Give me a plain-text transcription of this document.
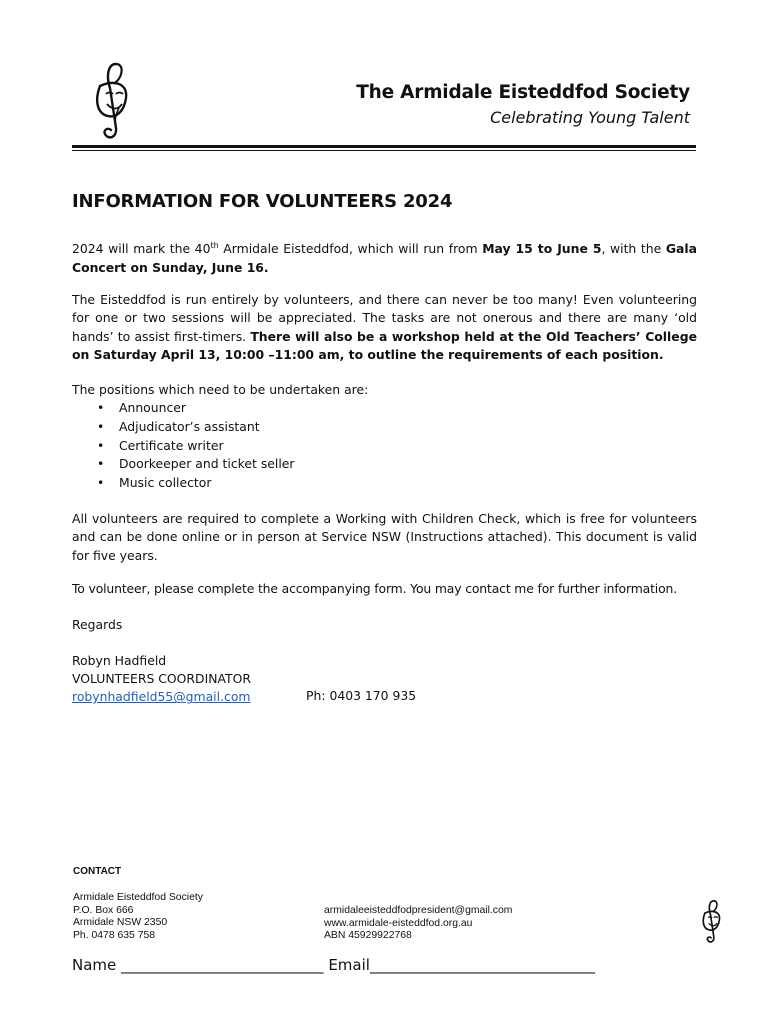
The Armidale Eisteddfod Society
Celebrating Young Talent
INFORMATION FOR VOLUNTEERS 2024
2024 will mark the 40th Armidale Eisteddfod, which will run from May 15 to June 5, with the Gala Concert on Sunday, June 16.
The Eisteddfod is run entirely by volunteers, and there can never be too many! Even volunteering for one or two sessions will be appreciated. The tasks are not onerous and there are many ‘old hands’ to assist first-timers. There will also be a workshop held at the Old Teachers’ College on Saturday April 13, 10:00 –11:00 am, to outline the requirements of each position.
The positions which need to be undertaken are:
• Announcer
• Adjudicator’s assistant
• Certificate writer
• Doorkeeper and ticket seller
• Music collector
All volunteers are required to complete a Working with Children Check, which is free for volunteers and can be done online or in person at Service NSW (Instructions attached). This document is valid for five years.
To volunteer, please complete the accompanying form. You may contact me for further information.
Regards
Robyn Hadfield
VOLUNTEERS COORDINATOR
robynhadfield55@gmail.com	Ph: 0403 170 935
CONTACT
Armidale Eisteddfod Society
P.O. Box 666
Armidale NSW 2350
Ph. 0478 635 758
armidaleeisteddfodpresident@gmail.com
www.armidale-eisteddfod.org.au
ABN 45929922768
Name ___________________________ Email______________________________
